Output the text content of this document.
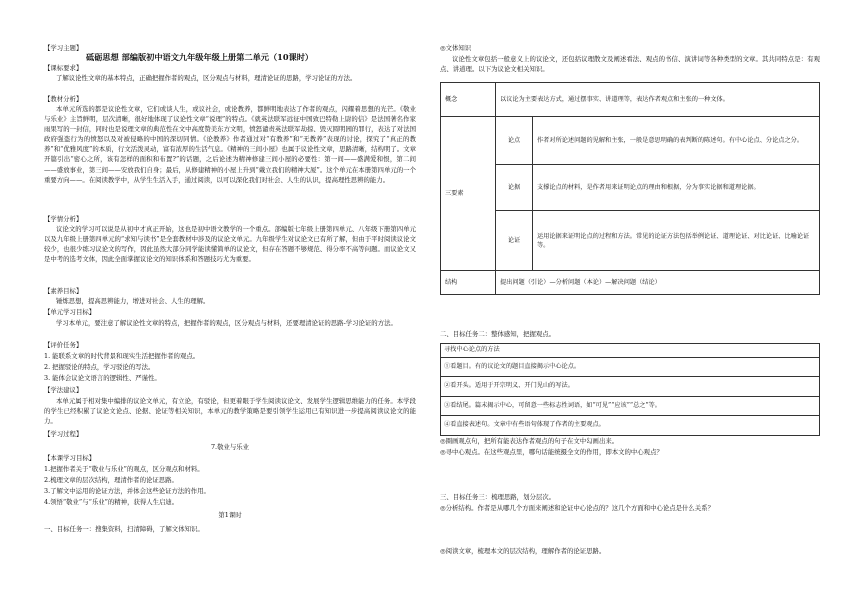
【学习主题】
砥砺思想 部编版初中语文九年级年级上册第二单元（10课时）
【课标要求】
了解议论性文章的基本特点，正确把握作者的观点，区分观点与材料，理清论证的思路，学习论证的方法。
【教材分析】
本单元所选的都是议论性文章，它们或谈人生，或议社会，或论教养，都鲜明地表达了作者的观点，闪耀着思想的光芒。《敬业与乐业》主旨鲜明，层次清晰，很好地体现了议论性文章“说理”的特点。《就英法联军远征中国致巴特勒上尉的信》是法国著名作家雨果写的一封信，同时也是说理文章的典范性在文中高度赞美东方文明，愤怒谴责英法联军劫掠、毁灭圆明园的罪行，表达了对法国政府强盗行为的愤怒以及对被侵略的中国的深切同情。《论教养》作者通过对“有教养”和“无教养”表现的讨论，探究了“真正的教养”和“优雅风度”的本质，行文活泼灵动，富有浓厚的生活气息。《精神的三间小屋》也属于议论性文章，思路清晰，结构明了。文章开篇引出“密心之所，该有怎样的面积和布置?”的话题，之后论述为精神修建三间小屋的必要性：第一间——盛满爱和恨，第二间——盛放事业，第三间——安放我们自身；最后，从修建精神的小屋上升到“戴立我们的精神大厦”。这个单元在本册第四单元的一个重要方向——。在阅读教学中，从学生生活入手，通过阅读，以可以深化我们对社会、人生的认识，提高理性思辨的能力。
【学情分析】
议论文的学习可以说是从初中才真正开始，这也是初中语文教学的一个重点。部编版七年级上册第四单元、八年级下册第四单元以及九年级上册第四单元的“求知与读书”是全套教材中涉及的议论文单元。九年级学生对议论文已有所了解，但由于平时阅读议论文较少，也很少练习议论文的写作，因此虽然大部分同学能读懂简单的议论文，但存在答题不够规范、得分率不高等问题。而议论文又是中考的选考文体，因此全面掌握议论文的知识体系和答题技巧尤为重要。
【素养目标】
锤炼思想，提高思辨能力，增进对社会、人生的理解。
【单元学习目标】
学习本单元，要注意了解议论性文章的特点，把握作者的观点，区分观点与材料，还要理清论证的思路-学习论证的方法。
【评价任务】
1. 能联系文章的时代背景和现实生活把握作者的观点。
2. 把握驳论的特点，学习驳论的写法。
3. 能体会议论文语言的逻辑性、严谨性。
【学法建议】
本单元属于相对集中编排的议论文单元，有立论，有驳论，但更着眼于学生阅读议论文、发展学生逻辑思维能力的任务。本学段的学生已经积累了议论文论点、论据、论证等相关知识，本单元的教学策略是要引领学生运用已有知识进一步提高阅读议论文的能力。
【学习过程】
7.敬业与乐业
【本课学习目标】
1.把握作者关于“敬业与乐业”的观点，区分观点和材料。
2.梳理文章的层次结构，理清作者的论证思路。
3.了解文中运用的论证方法，并体会这些论证方法的作用。
4.领悟“敬业”与“乐业”的精神，获得人生启迪。
第1课时
一、目标任务一：搜集资料，扫清障碍，了解文体知识。
◎文体知识
议论性文章包括一般意义上的议论文，还包括议理散文及阐述看法、观点的书信、演讲词等各种类型的文章。其共同特点是：有观点、讲道理。以下为议论文相关知识。
概念	以议论为主要表达方式，通过摆事实、讲道理等，表达作者观点和主张的一种文体。	
三要素	论点	作者对所论述问题的见解和主张，一般是意思明确的表判断的陈述句。有中心论点、分论点之分。
	论据	支撑论点的材料，是作者用来证明论点的理由和根据，分为事实论据和道理论据。
	论证	运用论据来证明论点的过程和方法。常见的论证方法包括举例论证、道理论证、对比论证、比喻论证等。
结构	提出问题（引论）—分析问题（本论）—解决问题（结论）	
二、目标任务二：整体感知，把握观点。
寻找中心论点的方法
①看题目。有的议论文的题目直接揭示中心论点。
②看开头。适用于开宗明义、开门见山的写法。
③看结尾。篇末揭示中心，可留意一些标志性词语，如“可见”“应该”“总之”等。
④看直接表述句。文章中有些语句体现了作者的主要观点。
◎圈画观点句，把所有能表达作者观点的句子在文中勾画出来。
◎寻中心观点。在这些观点里，哪句话能统摄全文的作用，即本文的中心观点？
三、目标任务三：梳理思路，划分层次。
◎分析结构。作者是从哪几个方面来阐述和论证中心论点的？这几个方面和中心论点是什么关系？
◎阅读文章，梳理本文的层次结构，理解作者的论证思路。
